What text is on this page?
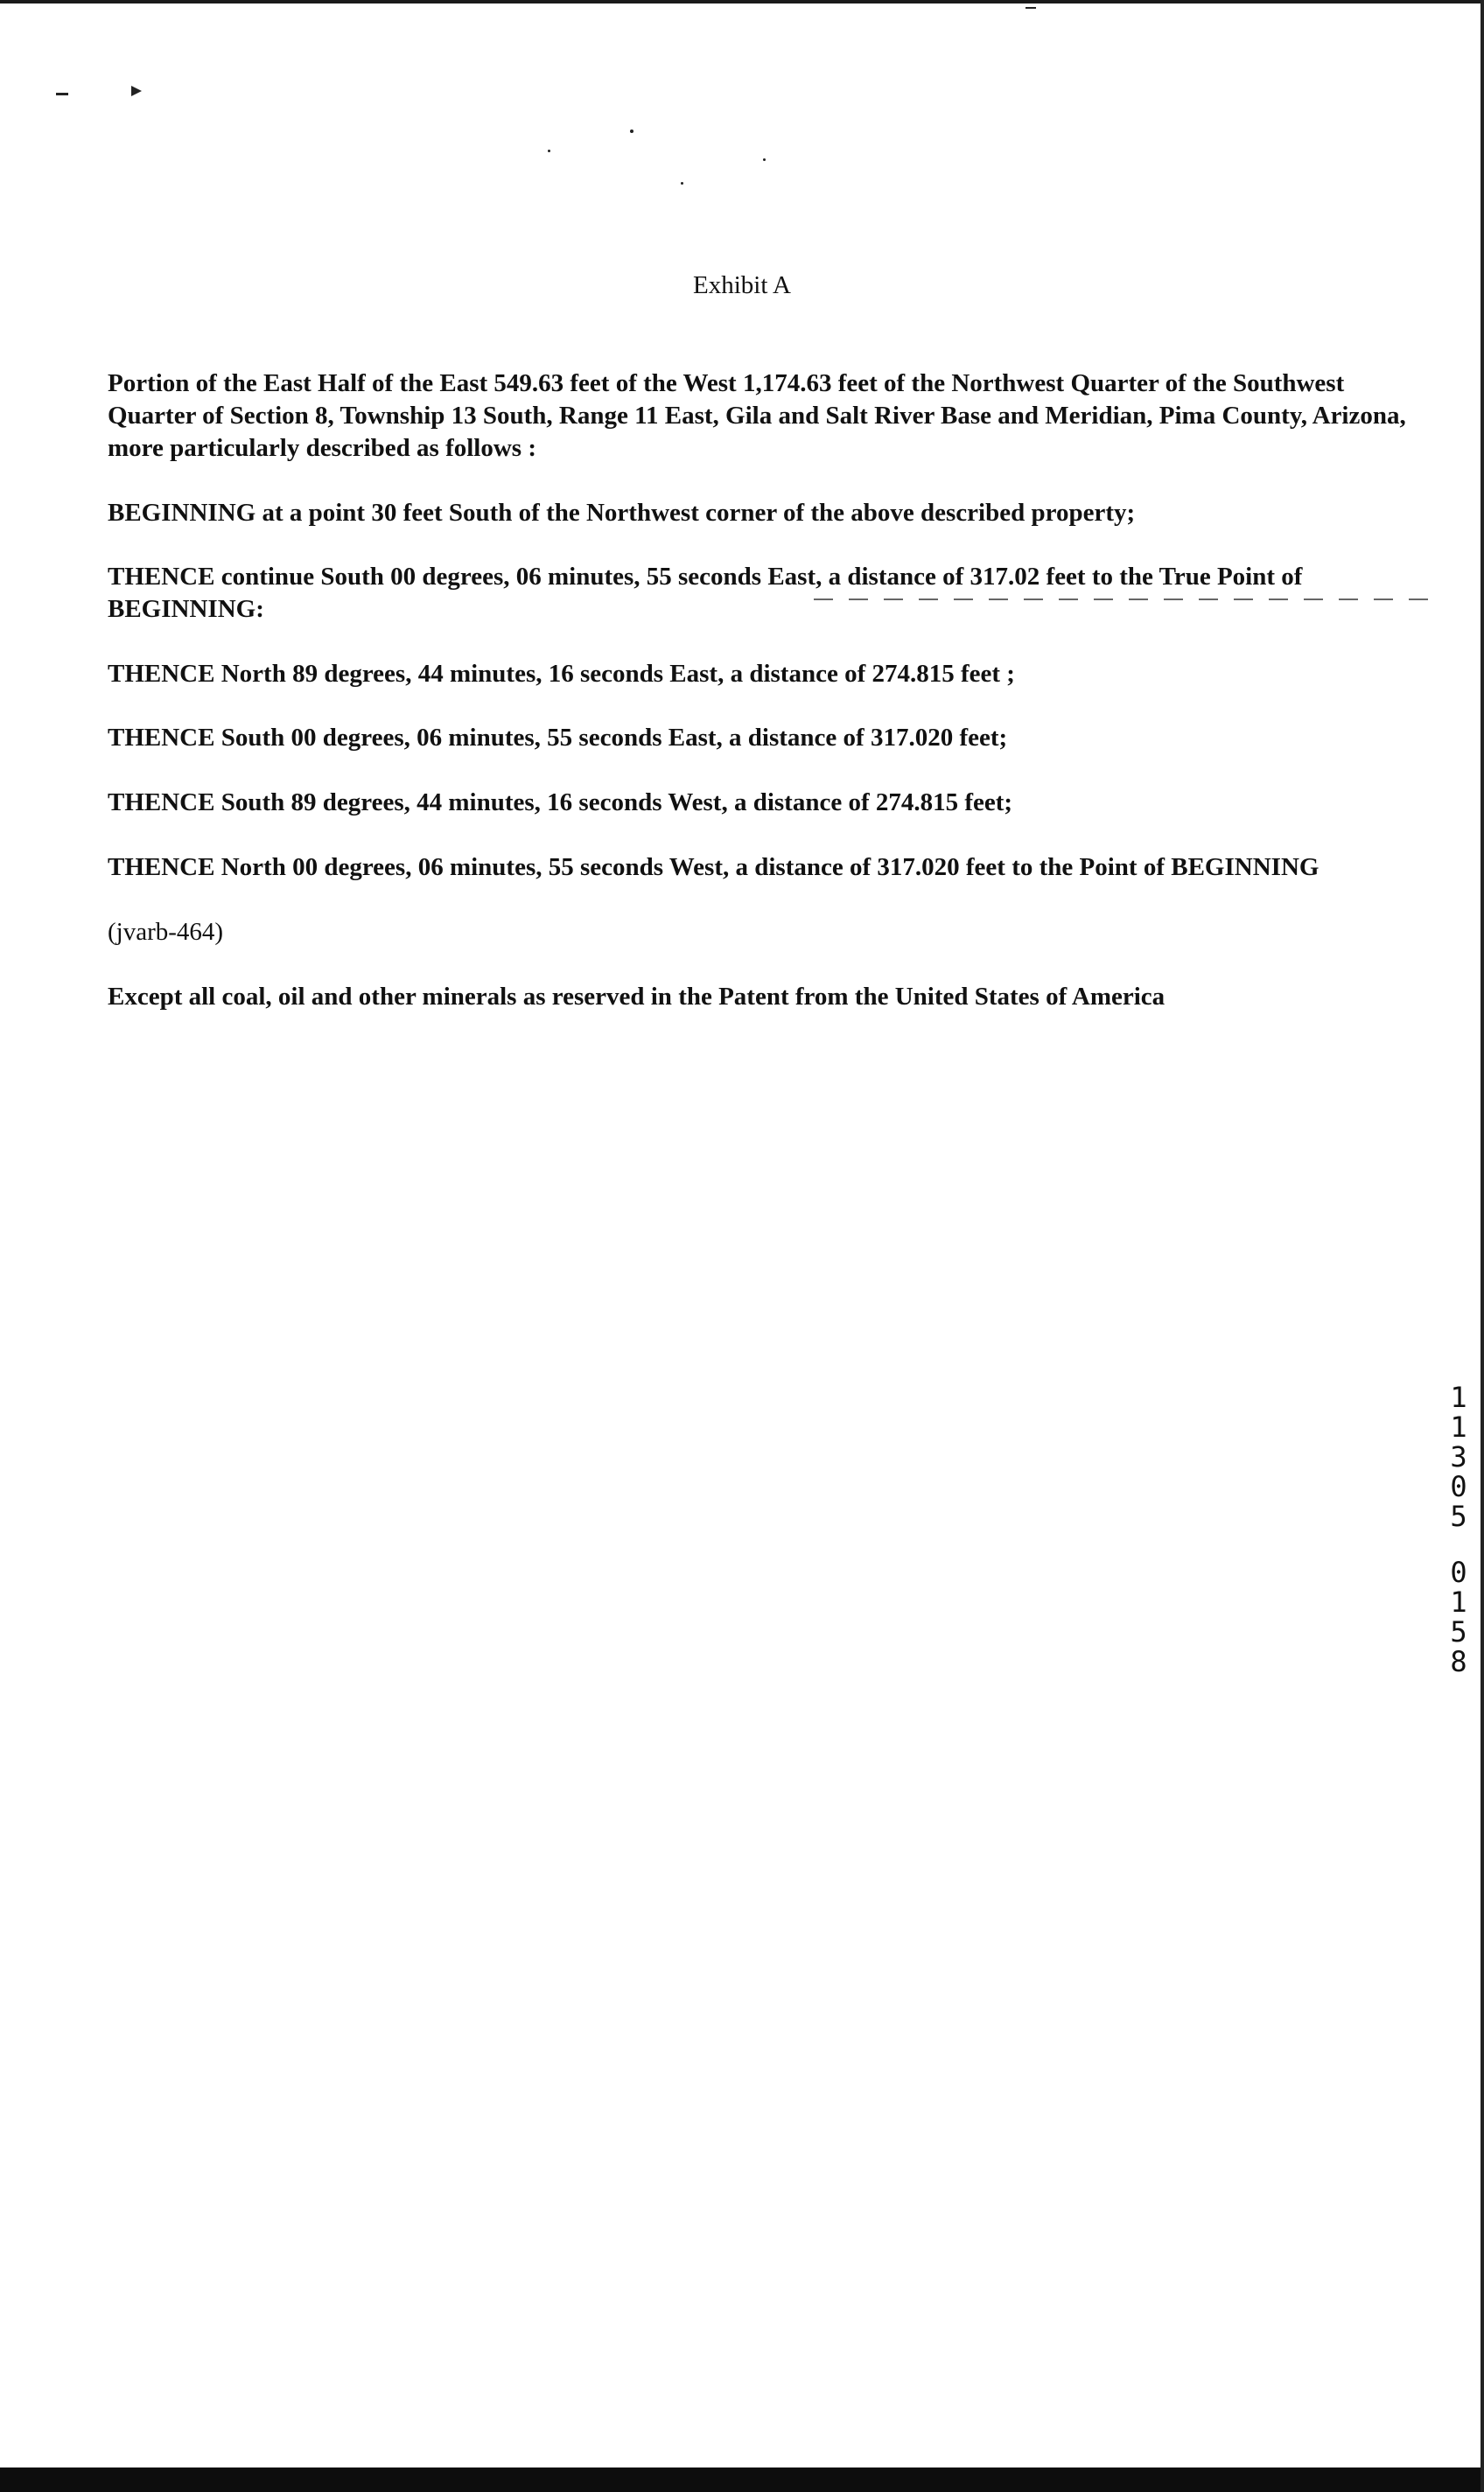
Exhibit A
Portion of the East Half of the East 549.63 feet of the West 1,174.63 feet of the Northwest Quarter of the Southwest Quarter of Section 8, Township 13 South, Range 11 East, Gila and Salt River Base and Meridian, Pima County, Arizona, more particularly described as follows :
BEGINNING at a point 30 feet South of the Northwest corner of the above described property;
THENCE continue South 00 degrees, 06 minutes, 55 seconds East, a distance of 317.02 feet to the True Point of BEGINNING:
THENCE North 89 degrees, 44 minutes, 16 seconds East, a distance of 274.815 feet ;
THENCE South 00 degrees, 06 minutes, 55 seconds East, a distance of 317.020 feet;
THENCE South 89 degrees, 44 minutes, 16 seconds West, a distance of 274.815 feet;
THENCE North 00 degrees, 06 minutes, 55 seconds West, a distance of 317.020 feet to the Point of BEGINNING
(jvarb-464)
Except all coal, oil and other minerals as reserved in the Patent from the United States of America
1
1
3
0
5
0
1
5
8
